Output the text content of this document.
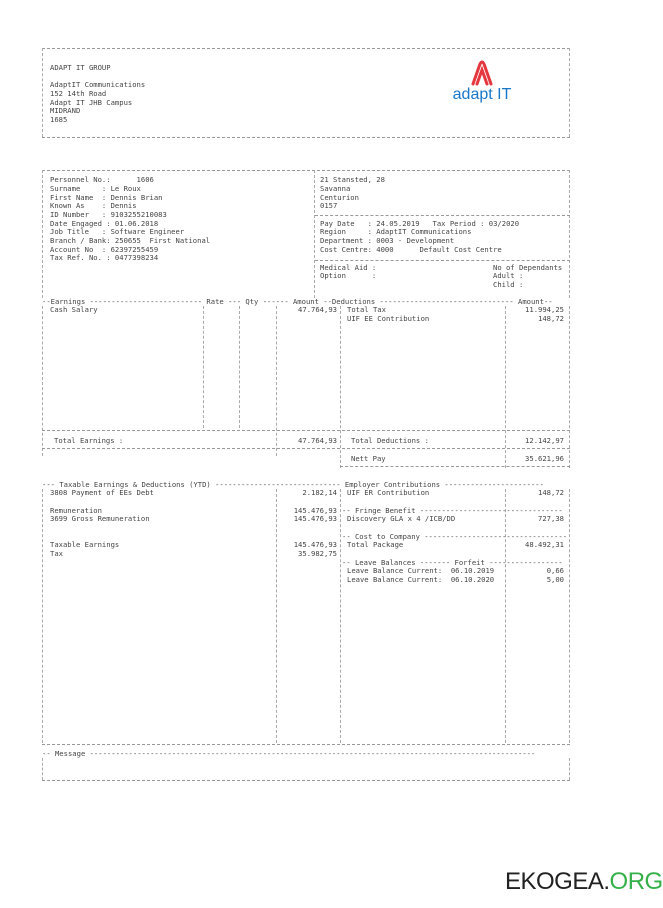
ADAPT IT GROUP
AdaptIT Communications
152 14th Road
Adapt IT JHB Campus
MIDRAND
1685
adapt IT
Personnel No.:      1606
Surname     : Le Roux
First Name  : Dennis Brian
Known As    : Dennis
ID Number   : 9103255210083
Date Engaged : 01.06.2018
Job Title   : Software Engineer
Branch / Bank: 250655  First National
Account No  : 62397255459
Tax Ref. No. : 0477398234
21 Stansted, 28
Savanna
Centurion
0157
Pay Date   : 24.05.2019   Tax Period : 03/2020
Region     : AdaptIT Communications
Department : 0003 - Development
Cost Centre: 4000      Default Cost Centre
Medical Aid :
Option      :
No of Dependants
Adult :
Child :
--Earnings -------------------------- Rate --- Qty ------ Amount --Deductions ------------------------------- Amount--
Cash Salary	47.764,93 Total Tax	11.994,25
UIF EE Contribution	148,72
Total Earnings :	47.764,93 Total Deductions :	12.142,97
Nett Pay	35.621,96
--- Taxable Earnings & Deductions (YTD) ----------------------------- Employer Contributions -----------------------
3808 Payment of EEs Debt	2.182,14
Remuneration	145.476,93
3699 Gross Remuneration	145.476,93
Taxable Earnings	145.476,93
Tax	35.982,75
UIF ER Contribution	148,72
-- Fringe Benefit ---------------------------------
Discovery GLA x 4 /ICB/DD	727,38
-- Cost to Company ---------------------------------
Total Package	48.492,31
-- Leave Balances ------- Forfeit -----------------
Leave Balance Current:  06.10.2019	0,66
Leave Balance Current:  06.10.2020	5,00
-- Message -------------------------------------------------------------------------------------------------------
EKOGEA.ORG
